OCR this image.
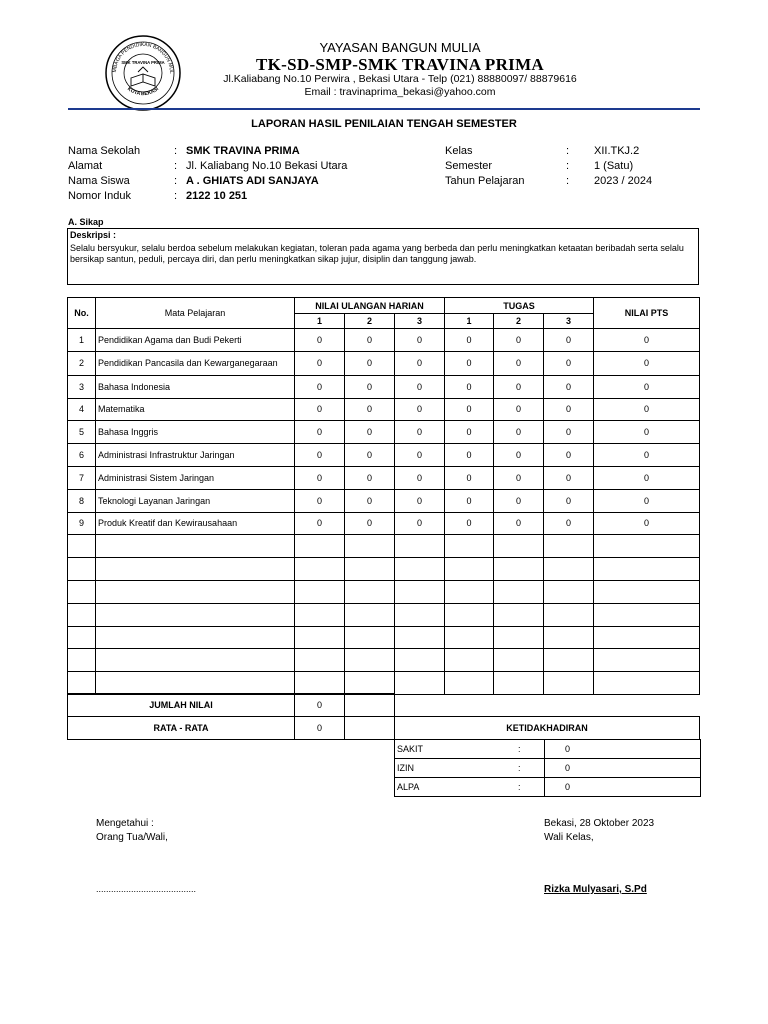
MBAGA PENDIDIKAN BANGUN MUL
KOTA BEKASI
SMK TRAVINA PRIMA
YAYASAN BANGUN MULIA
TK-SD-SMP-SMK TRAVINA PRIMA
Jl.Kaliabang No.10 Perwira , Bekasi Utara - Telp (021) 88880097/ 88879616
Email : travinaprima_bekasi@yahoo.com
LAPORAN HASIL PENILAIAN TENGAH SEMESTER
Nama Sekolah	: SMK TRAVINA PRIMA
Alamat	: Jl. Kaliabang No.10 Bekasi Utara
Nama Siswa	: A . GHIATS ADI SANJAYA
Nomor Induk	: 2122 10 251
Kelas	: XII.TKJ.2
Semester	: 1 (Satu)
Tahun Pelajaran	: 2023 / 2024
A. Sikap
Deskripsi :
Selalu bersyukur, selalu berdoa sebelum melakukan kegiatan, toleran pada agama yang berbeda dan perlu meningkatkan ketaatan beribadah serta selalu bersikap santun, peduli, percaya diri, dan perlu meningkatkan sikap jujur, disiplin dan tanggung jawab.
No.	Mata Pelajaran	NILAI ULANGAN HARIAN			TUGAS			NILAI PTS
		1	2	3	1	2	3	
1	Pendidikan Agama dan Budi Pekerti	0	0	0	0	0	0	0
2	Pendidikan Pancasila dan Kewarganegaraan	0	0	0	0	0	0	0
3	Bahasa Indonesia	0	0	0	0	0	0	0
4	Matematika	0	0	0	0	0	0	0
5	Bahasa Inggris	0	0	0	0	0	0	0
6	Administrasi Infrastruktur Jaringan	0	0	0	0	0	0	0
7	Administrasi Sistem Jaringan	0	0	0	0	0	0	0
8	Teknologi Layanan Jaringan	0	0	0	0	0	0	0
9	Produk Kreatif dan Kewirausahaan	0	0	0	0	0	0	0

JUMLAH NILAI	0		
RATA - RATA	0		KETIDAKHADIRAN
SAKIT	:	0
IZIN	:	0
ALPA	:	0
Mengetahui :
Orang Tua/Wali,
........................................
Bekasi, 28 Oktober 2023
Wali Kelas,
Rizka Mulyasari, S.Pd
